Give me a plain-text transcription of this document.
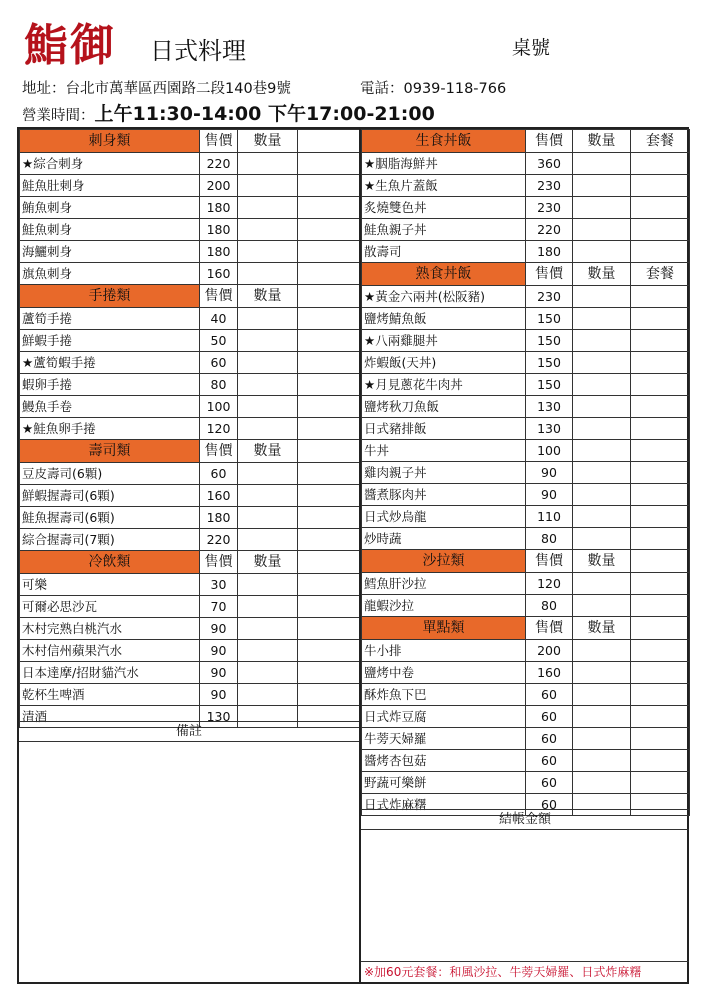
鮨御 日式料理	桌號
地址：台北市萬華區西園路二段140巷9號	電話：0939-118-766
營業時間：上午11:30-14:00 下午17:00-21:00
刺身類	售價	數量	
★綜合刺身	220		
鮭魚肚刺身	200		
鮪魚刺身	180		
鮭魚刺身	180		
海鱺刺身	180		
旗魚刺身	160		
手捲類	售價	數量	
蘆筍手捲	40		
鮮蝦手捲	50		
★蘆筍蝦手捲	60		
蝦卵手捲	80		
鰻魚手卷	100		
★鮭魚卵手捲	120		
壽司類	售價	數量	
豆皮壽司(6顆)	60		
鮮蝦握壽司(6顆)	160		
鮭魚握壽司(6顆)	180		
綜合握壽司(7顆)	220		
冷飲類	售價	數量	
可樂	30		
可爾必思沙瓦	70		
木村完熟白桃汽水	90		
木村信州蘋果汽水	90		
日本達摩/招財貓汽水	90		
乾杯生啤酒	90		
清酒	130		
備註
生食丼飯	售價	數量	套餐
★胭脂海鮮丼	360		
★生魚片蓋飯	230		
炙燒雙色丼	230		
鮭魚親子丼	220		
散壽司	180		
熟食丼飯	售價	數量	套餐
★黃金六兩丼(松阪豬)	230		
鹽烤鯖魚飯	150		
★八兩雞腿丼	150		
炸蝦飯(天丼)	150		
★月見蔥花牛肉丼	150		
鹽烤秋刀魚飯	130		
日式豬排飯	130		
牛丼	100		
雞肉親子丼	90		
醬煮豚肉丼	90		
日式炒烏龍	110		
炒時蔬	80		
沙拉類	售價	數量	
鱈魚肝沙拉	120		
龍蝦沙拉	80		
單點類	售價	數量	
牛小排	200		
鹽烤中卷	160		
酥炸魚下巴	60		
日式炸豆腐	60		
牛蒡天婦羅	60		
醬烤杏包菇	60		
野蔬可樂餅	60		
日式炸麻糬	60		
結帳金額
※加60元套餐：和風沙拉、牛蒡天婦羅、日式炸麻糬
